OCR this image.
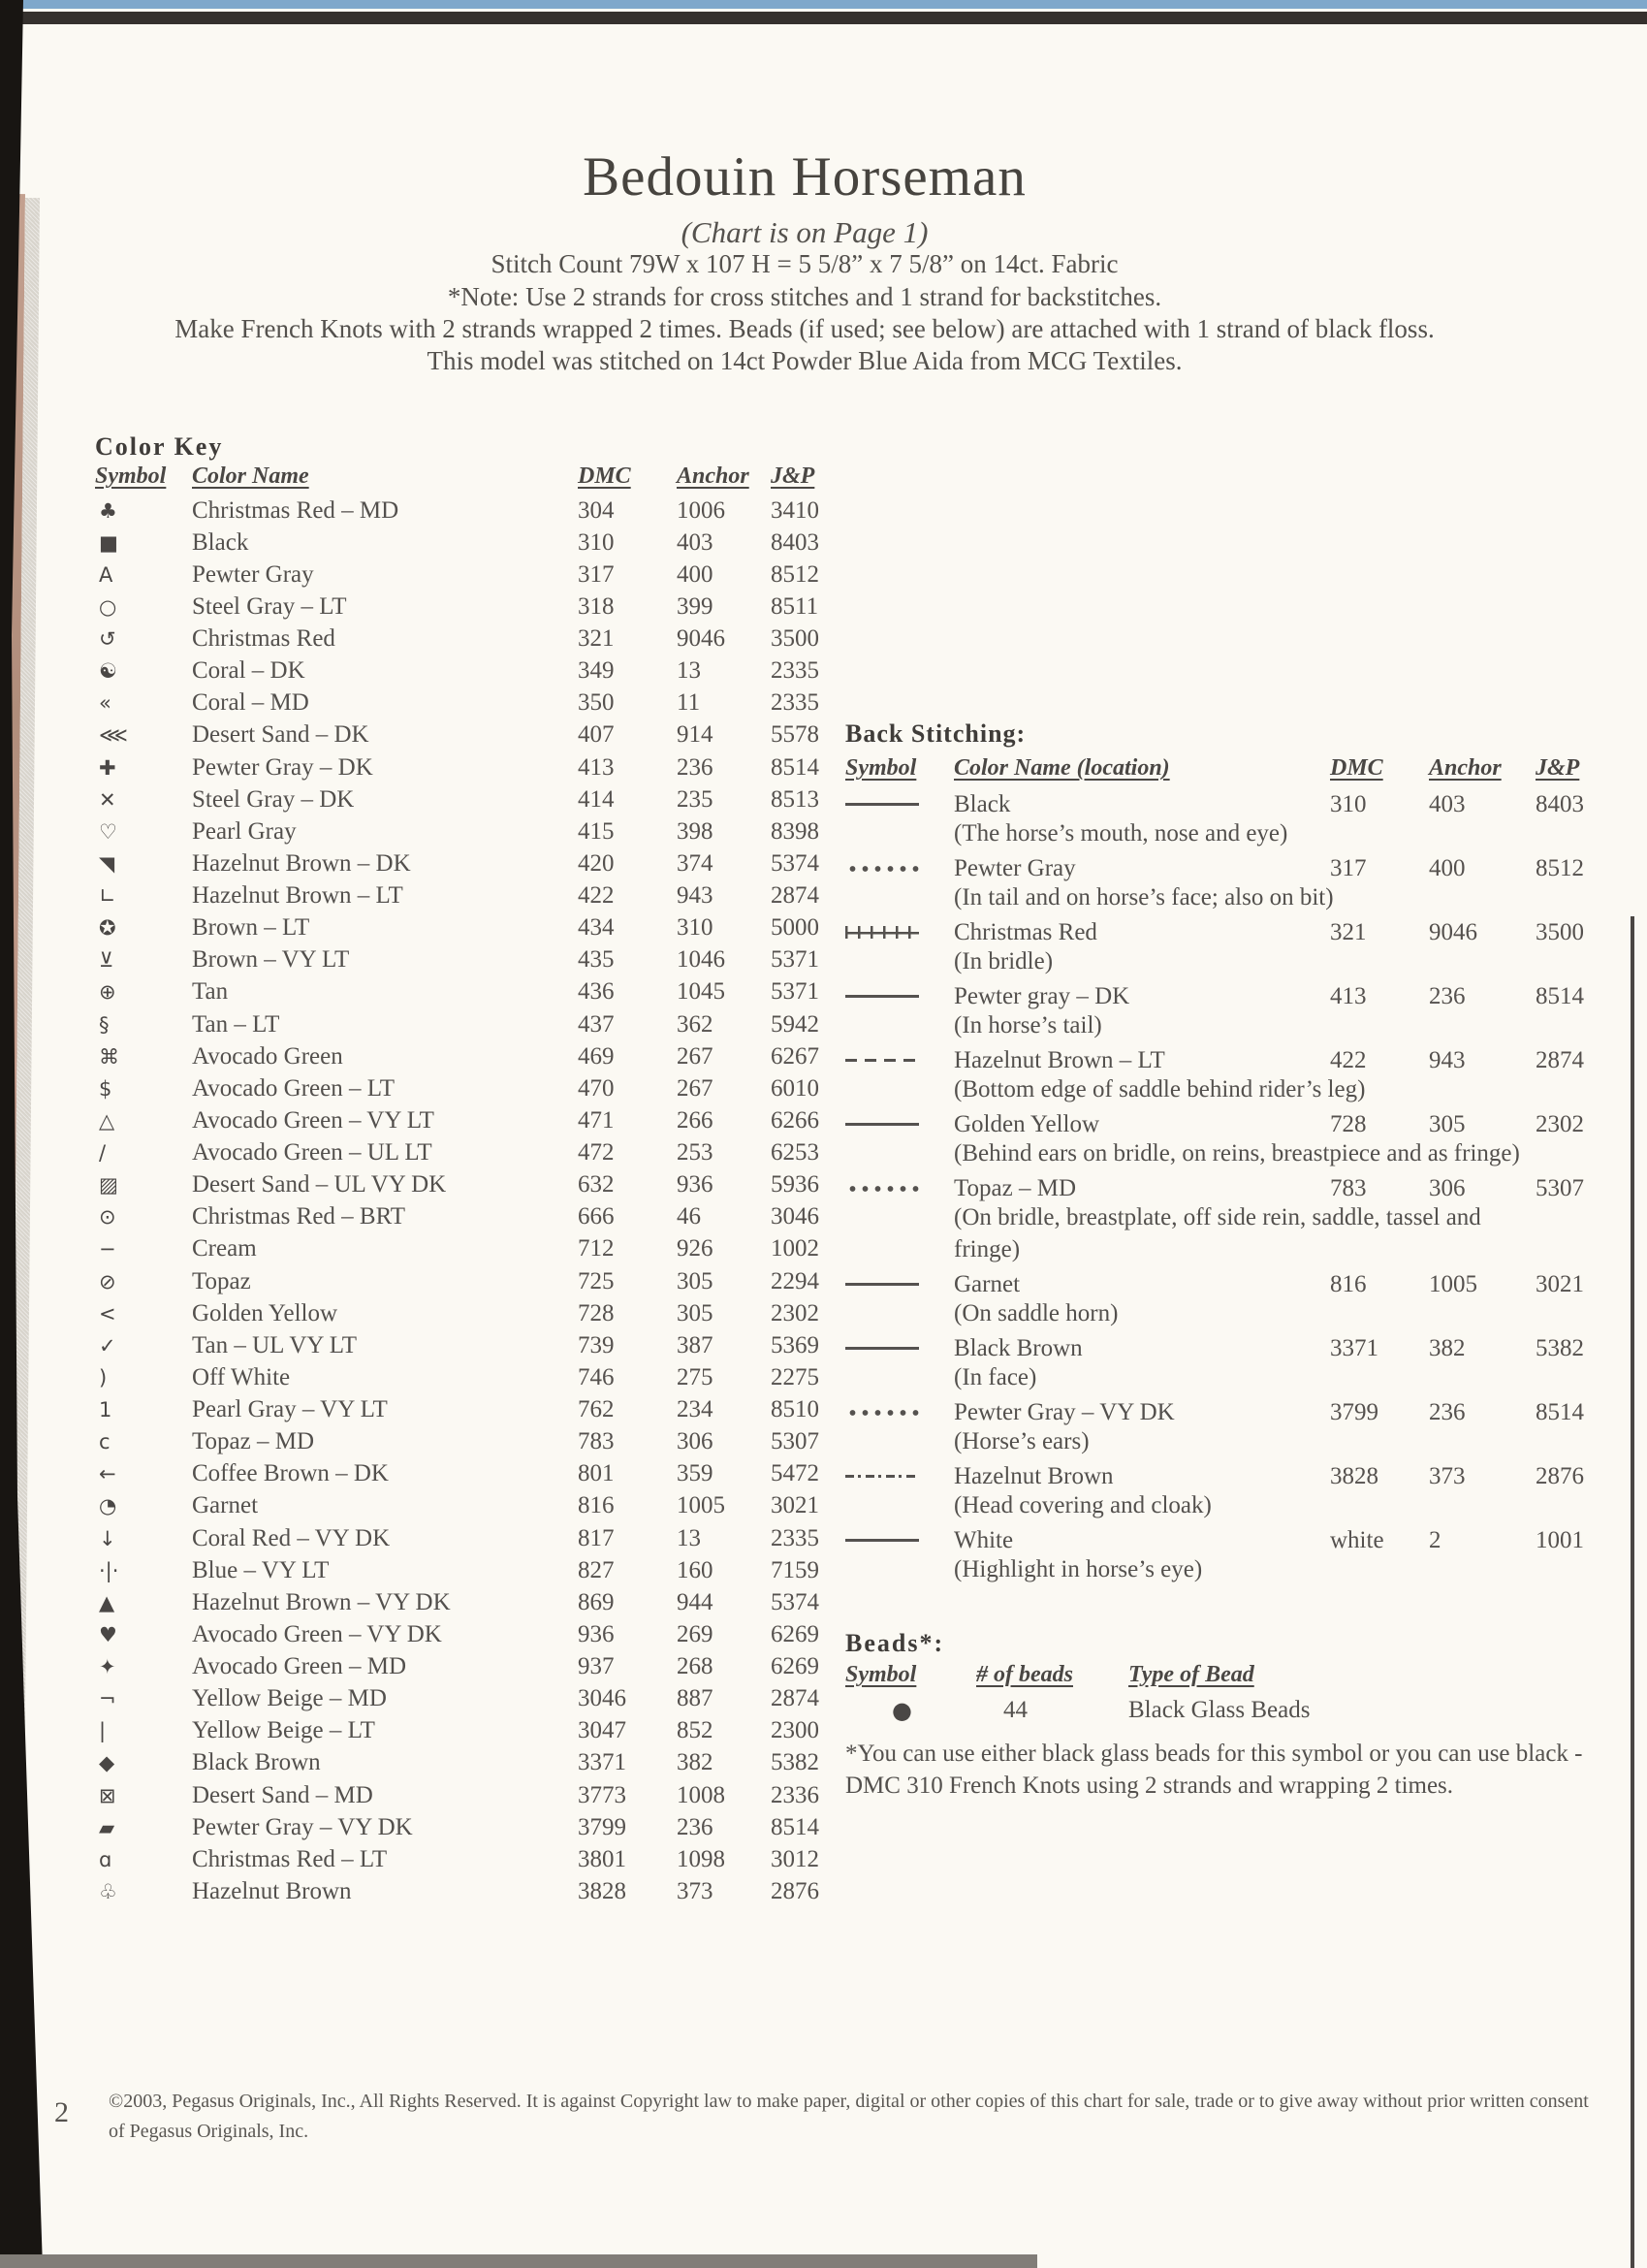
Bedouin Horseman
(Chart is on Page 1)
Stitch Count 79W x 107 H = 5 5/8” x 7 5/8” on 14ct. Fabric
*Note: Use 2 strands for cross stitches and 1 strand for backstitches.
Make French Knots with 2 strands wrapped 2 times. Beads (if used; see below) are attached with 1 strand of black floss.
This model was stitched on 14ct Powder Blue Aida from MCG Textiles.
Color Key
Symbol	Color Name	DMC	Anchor J&P
♣	Christmas Red – MD	304	1006	3410
■	Black	310	403	8403
A	Pewter Gray	317	400	8512
○	Steel Gray – LT	318	399	8511
↺	Christmas Red	321	9046	3500
☯	Coral – DK	349	13	2335
«	Coral – MD	350	11	2335
⋘	Desert Sand – DK	407	914	5578
✚	Pewter Gray – DK	413	236	8514
✕	Steel Gray – DK	414	235	8513
♡	Pearl Gray	415	398	8398
◥	Hazelnut Brown – DK	420	374	5374
∟	Hazelnut Brown – LT	422	943	2874
✪	Brown – LT	434	310	5000
⊻	Brown – VY LT	435	1046	5371
⊕	Tan	436	1045	5371
§	Tan – LT	437	362	5942
⌘	Avocado Green	469	267	6267
$	Avocado Green – LT	470	267	6010
△	Avocado Green – VY LT	471	266	6266
/	Avocado Green – UL LT	472	253	6253
▨	Desert Sand – UL VY DK	632	936	5936
⊙	Christmas Red – BRT	666	46	3046
−	Cream	712	926	1002
⊘	Topaz	725	305	2294
<	Golden Yellow	728	305	2302
✓	Tan – UL VY LT	739	387	5369
)	Off White	746	275	2275
1	Pearl Gray – VY LT	762	234	8510
c	Topaz – MD	783	306	5307
←	Coffee Brown – DK	801	359	5472
◔	Garnet	816	1005	3021
↓	Coral Red – VY DK	817	13	2335
·|·	Blue – VY LT	827	160	7159
▲	Hazelnut Brown – VY DK	869	944	5374
♥	Avocado Green – VY DK	936	269	6269
✦	Avocado Green – MD	937	268	6269
¬	Yellow Beige – MD	3046	887	2874
|	Yellow Beige – LT	3047	852	2300
◆	Black Brown	3371	382	5382
⊠	Desert Sand – MD	3773	1008	2336
▰	Pewter Gray – VY DK	3799	236	8514
ɑ	Christmas Red – LT	3801	1098	3012
♧	Hazelnut Brown	3828	373	2876
Back Stitching:
Symbol	Color Name (location)	DMC	Anchor	J&P
Black	310	403	8403
(The horse’s mouth, nose and eye)
Pewter Gray	317	400	8512
(In tail and on horse’s face; also on bit)
Christmas Red	321	9046	3500
(In bridle)
Pewter gray – DK	413	236	8514
(In horse’s tail)
Hazelnut Brown – LT	422	943	2874
(Bottom edge of saddle behind rider’s leg)
Golden Yellow	728	305	2302
(Behind ears on bridle, on reins, breastpiece and as fringe)
Topaz – MD	783	306	5307
(On bridle, breastplate, off side rein, saddle, tassel and
fringe)
Garnet	816	1005	3021
(On saddle horn)
Black Brown	3371	382	5382
(In face)
Pewter Gray – VY DK	3799	236	8514
(Horse’s ears)
Hazelnut Brown	3828	373	2876
(Head covering and cloak)
White	white	2	1001
(Highlight in horse’s eye)
Beads*:
Symbol	# of beads	Type of Bead
●	44	Black Glass Beads
*You can use either black glass beads for this symbol or you can use black - DMC 310 French Knots using 2 strands and wrapping 2 times.
2 ©2003, Pegasus Originals, Inc., All Rights Reserved. It is against Copyright law to make paper, digital or other copies of this chart for sale, trade or to give away without prior written consent of Pegasus Originals, Inc.
